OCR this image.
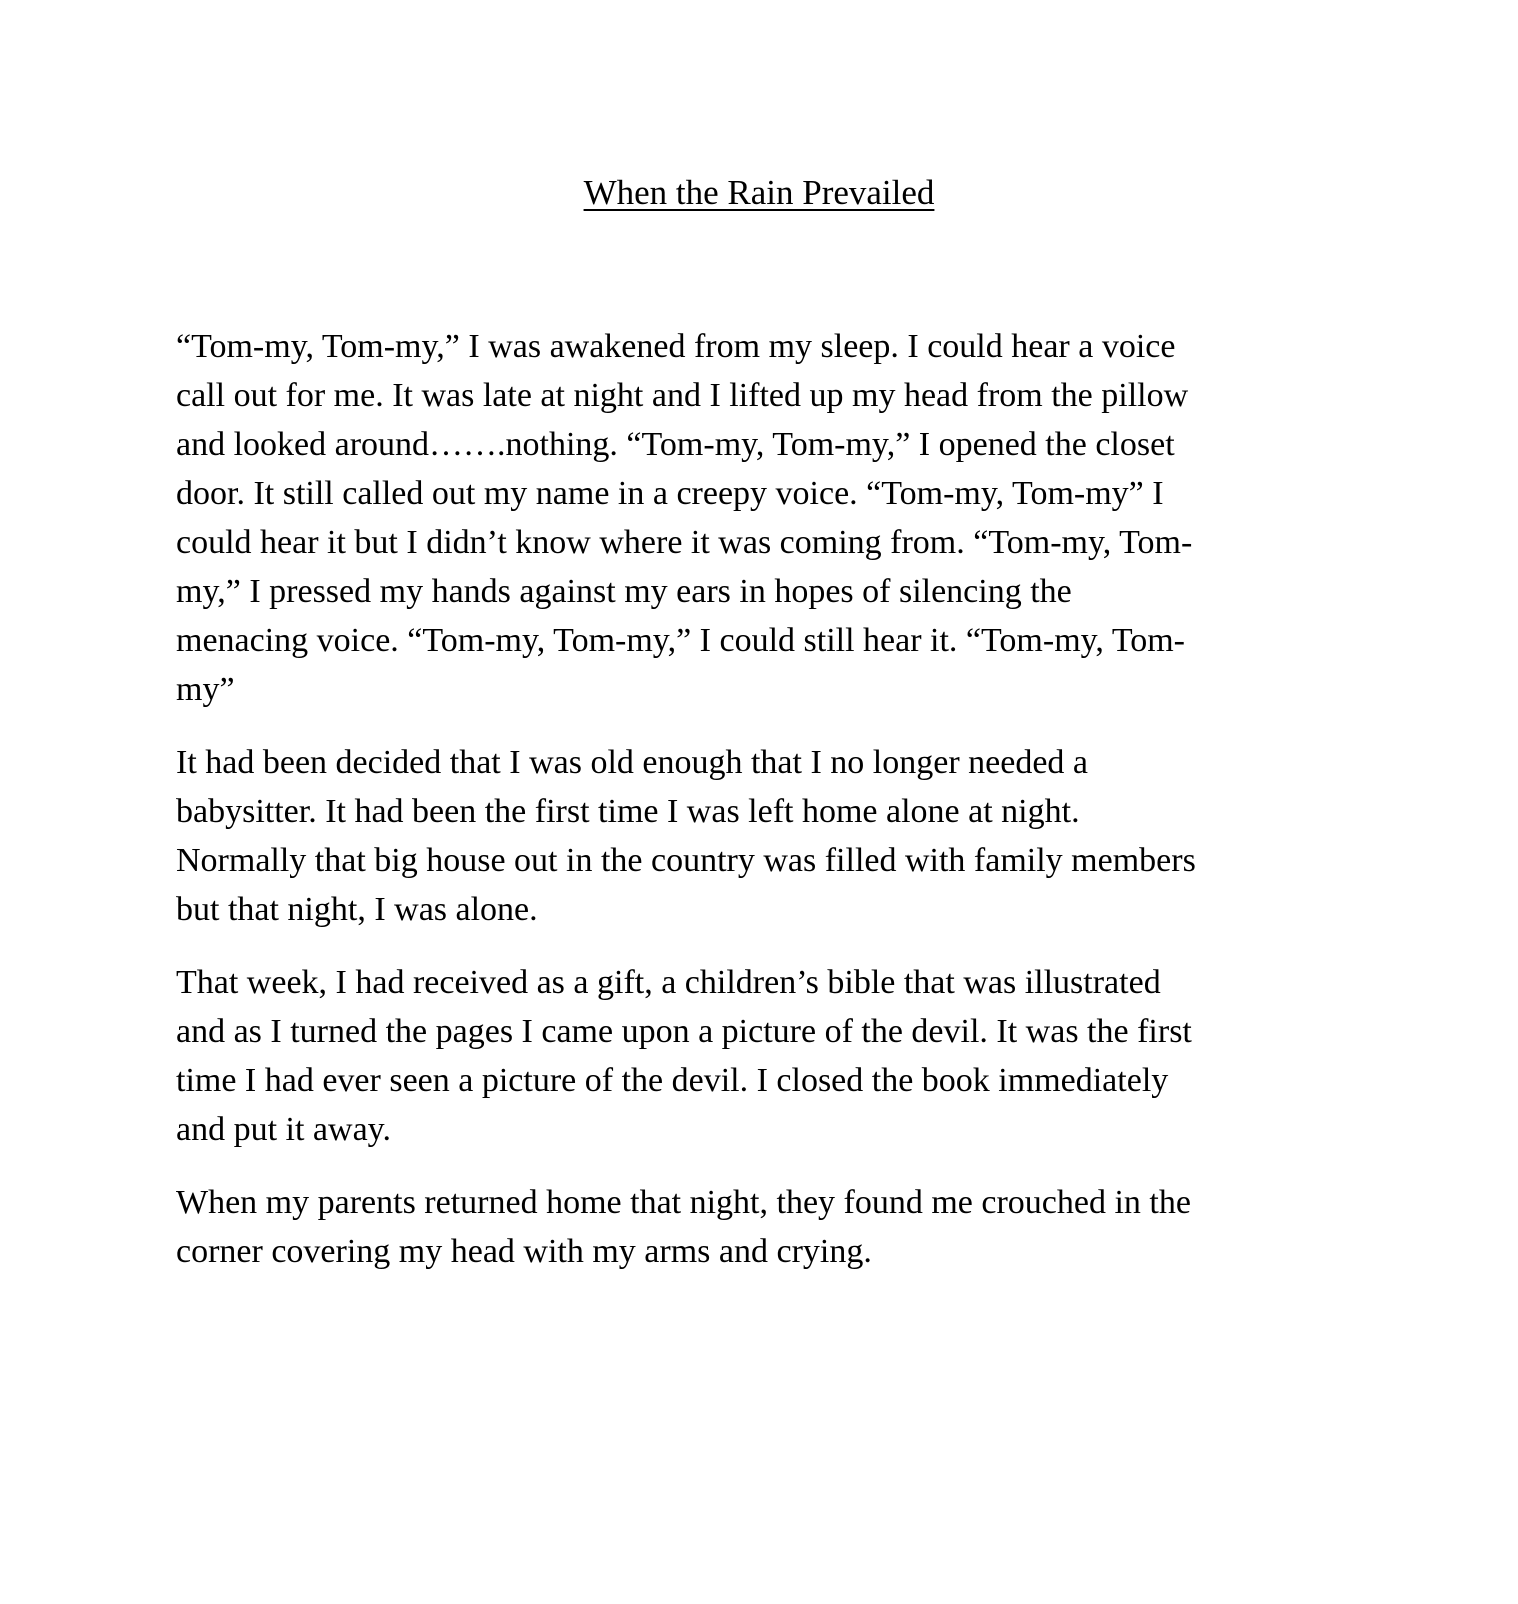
When the Rain Prevailed

“Tom-my, Tom-my,” I was awakened from my sleep. I could hear a voice
call out for me. It was late at night and I lifted up my head from the pillow
and looked around…….nothing. “Tom-my, Tom-my,” I opened the closet
door. It still called out my name in a creepy voice. “Tom-my, Tom-my” I
could hear it but I didn’t know where it was coming from. “Tom-my, Tom-
my,” I pressed my hands against my ears in hopes of silencing the
menacing voice. “Tom-my, Tom-my,” I could still hear it. “Tom-my, Tom-
my”

It had been decided that I was old enough that I no longer needed a
babysitter. It had been the first time I was left home alone at night.
Normally that big house out in the country was filled with family members
but that night, I was alone.

That week, I had received as a gift, a children’s bible that was illustrated
and as I turned the pages I came upon a picture of the devil. It was the first
time I had ever seen a picture of the devil. I closed the book immediately
and put it away.

When my parents returned home that night, they found me crouched in the
corner covering my head with my arms and crying.
